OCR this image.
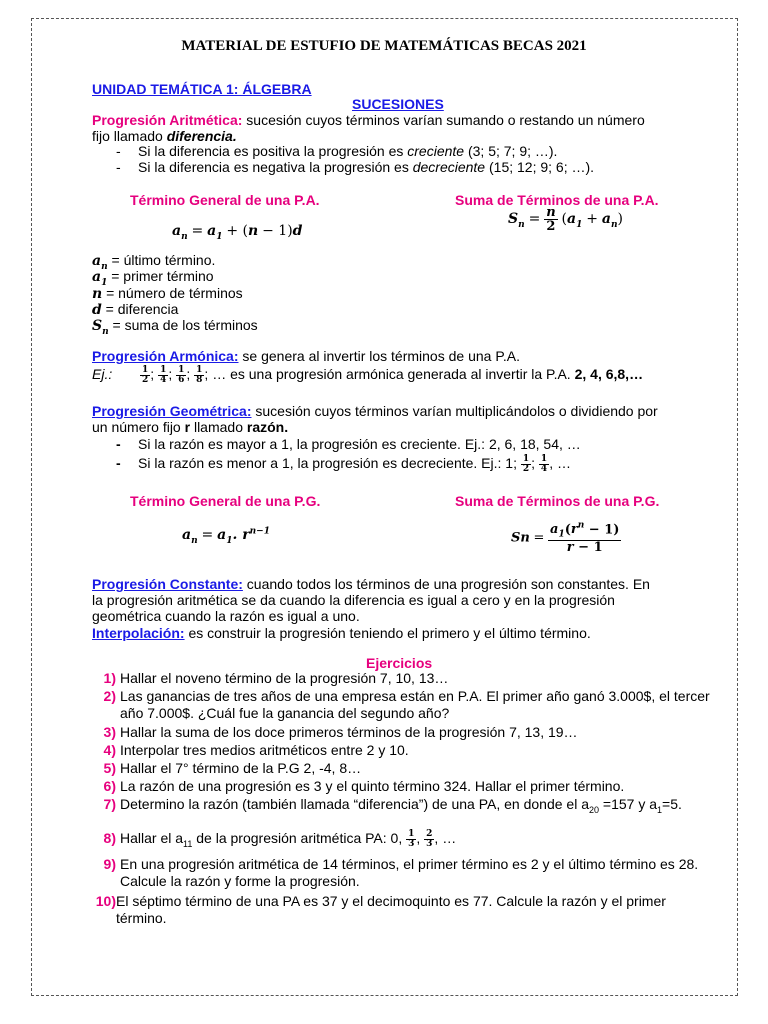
MATERIAL DE ESTUFIO DE MATEMÁTICAS BECAS 2021
UNIDAD TEMÁTICA 1: ÁLGEBRA
SUCESIONES
Progresión Aritmética: sucesión cuyos términos varían sumando o restando un número
fijo llamado diferencia.
- Si la diferencia es positiva la progresión es creciente (3; 5; 7; 9; …).
- Si la diferencia es negativa la progresión es decreciente (15; 12; 9; 6; …).
Término General de una P.A.	Suma de Términos de una P.A.
$a_n = a_1 + (n - 1)d$
$S_n = \frac{n}{2} (a_1 + a_n)$
$a_n$ = último término.
$a_1$ = primer término
n = número de términos
d = diferencia
$S_n$ = suma de los términos
Progresión Armónica: se genera al invertir los términos de una P.A.
Ej.:	$\frac{1}{2}$ ; $\frac{1}{4}$ ; $\frac{1}{6}$ ; $\frac{1}{8}$ ; … es una progresión armónica generada al invertir la P.A. 2, 4, 6,8,…
Progresión Geométrica: sucesión cuyos términos varían multiplicándolos o dividiendo por
un número fijo r llamado razón.
- Si la razón es mayor a 1, la progresión es creciente. Ej.: 2, 6, 18, 54, …
- Si la razón es menor a 1, la progresión es decreciente. Ej.: 1; $\frac{1}{2}$ ; $\frac{1}{4}$ , …
Término General de una P.G.	Suma de Términos de una P.G.
$a_n = a_1$. $r^{n-1}$	$Sn = \frac{a_1(r^n - 1)}{r - 1}$
Progresión Constante: cuando todos los términos de una progresión son constantes. En
la progresión aritmética se da cuando la diferencia es igual a cero y en la progresión
geométrica cuando la razón es igual a uno.
Interpolación: es construir la progresión teniendo el primero y el último término.
Ejercicios
1) Hallar el noveno término de la progresión 7, 10, 13…
2) Las ganancias de tres años de una empresa están en P.A. El primer año ganó 3.000$, el tercer año 7.000$. ¿Cuál fue la ganancia del segundo año?
3) Hallar la suma de los doce primeros términos de la progresión 7, 13, 19…
4) Interpolar tres medios aritméticos entre 2 y 10.
5) Hallar el 7° término de la P.G 2, -4, 8…
6) La razón de una progresión es 3 y el quinto término 324. Hallar el primer término.
7) Determino la razón (también llamada “diferencia”) de una PA, en donde el $a_{20} =157$ y $a_1=5$.
8) Hallar el $a_{11}$ de la progresión aritmética PA: 0, $\frac{1}{3}$ , $\frac{2}{3}$ , …
9) En una progresión aritmética de 14 términos, el primer término es 2 y el último término es 28. Calcule la razón y forme la progresión.
10)El séptimo término de una PA es 37 y el decimoquinto es 77. Calcule la razón y el primer término.
